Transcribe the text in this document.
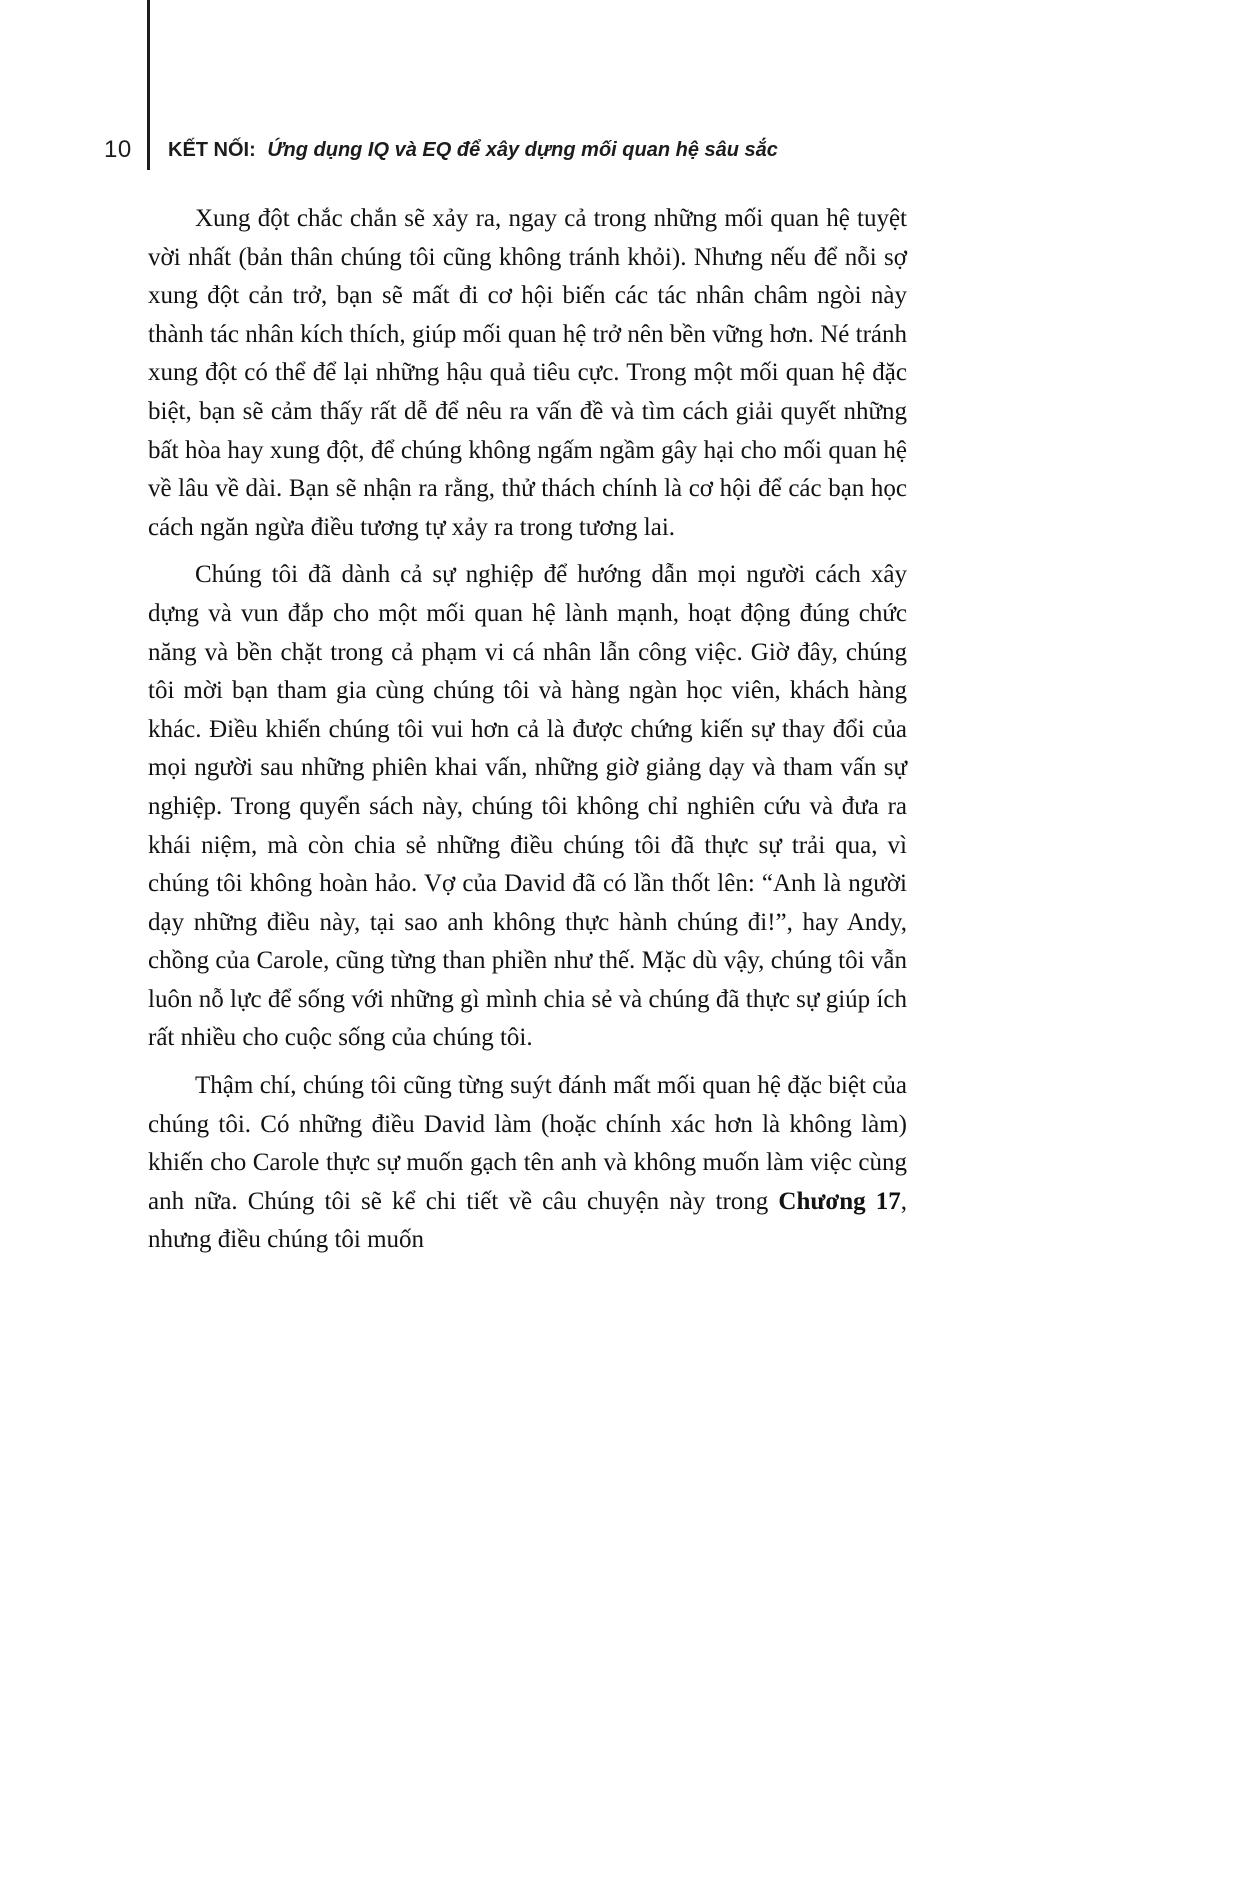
10 KẾT NỐI: Ứng dụng IQ và EQ để xây dựng mối quan hệ sâu sắc

Xung đột chắc chắn sẽ xảy ra, ngay cả trong những mối quan hệ tuyệt vời nhất (bản thân chúng tôi cũng không tránh khỏi). Nhưng nếu để nỗi sợ xung đột cản trở, bạn sẽ mất đi cơ hội biến các tác nhân châm ngòi này thành tác nhân kích thích, giúp mối quan hệ trở nên bền vững hơn. Né tránh xung đột có thể để lại những hậu quả tiêu cực. Trong một mối quan hệ đặc biệt, bạn sẽ cảm thấy rất dễ để nêu ra vấn đề và tìm cách giải quyết những bất hòa hay xung đột, để chúng không ngấm ngầm gây hại cho mối quan hệ về lâu về dài. Bạn sẽ nhận ra rằng, thử thách chính là cơ hội để các bạn học cách ngăn ngừa điều tương tự xảy ra trong tương lai.

Chúng tôi đã dành cả sự nghiệp để hướng dẫn mọi người cách xây dựng và vun đắp cho một mối quan hệ lành mạnh, hoạt động đúng chức năng và bền chặt trong cả phạm vi cá nhân lẫn công việc. Giờ đây, chúng tôi mời bạn tham gia cùng chúng tôi và hàng ngàn học viên, khách hàng khác. Điều khiến chúng tôi vui hơn cả là được chứng kiến sự thay đổi của mọi người sau những phiên khai vấn, những giờ giảng dạy và tham vấn sự nghiệp. Trong quyển sách này, chúng tôi không chỉ nghiên cứu và đưa ra khái niệm, mà còn chia sẻ những điều chúng tôi đã thực sự trải qua, vì chúng tôi không hoàn hảo. Vợ của David đã có lần thốt lên: “Anh là người dạy những điều này, tại sao anh không thực hành chúng đi!”, hay Andy, chồng của Carole, cũng từng than phiền như thế. Mặc dù vậy, chúng tôi vẫn luôn nỗ lực để sống với những gì mình chia sẻ và chúng đã thực sự giúp ích rất nhiều cho cuộc sống của chúng tôi.

Thậm chí, chúng tôi cũng từng suýt đánh mất mối quan hệ đặc biệt của chúng tôi. Có những điều David làm (hoặc chính xác hơn là không làm) khiến cho Carole thực sự muốn gạch tên anh và không muốn làm việc cùng anh nữa. Chúng tôi sẽ kể chi tiết về câu chuyện này trong Chương 17, nhưng điều chúng tôi muốn
